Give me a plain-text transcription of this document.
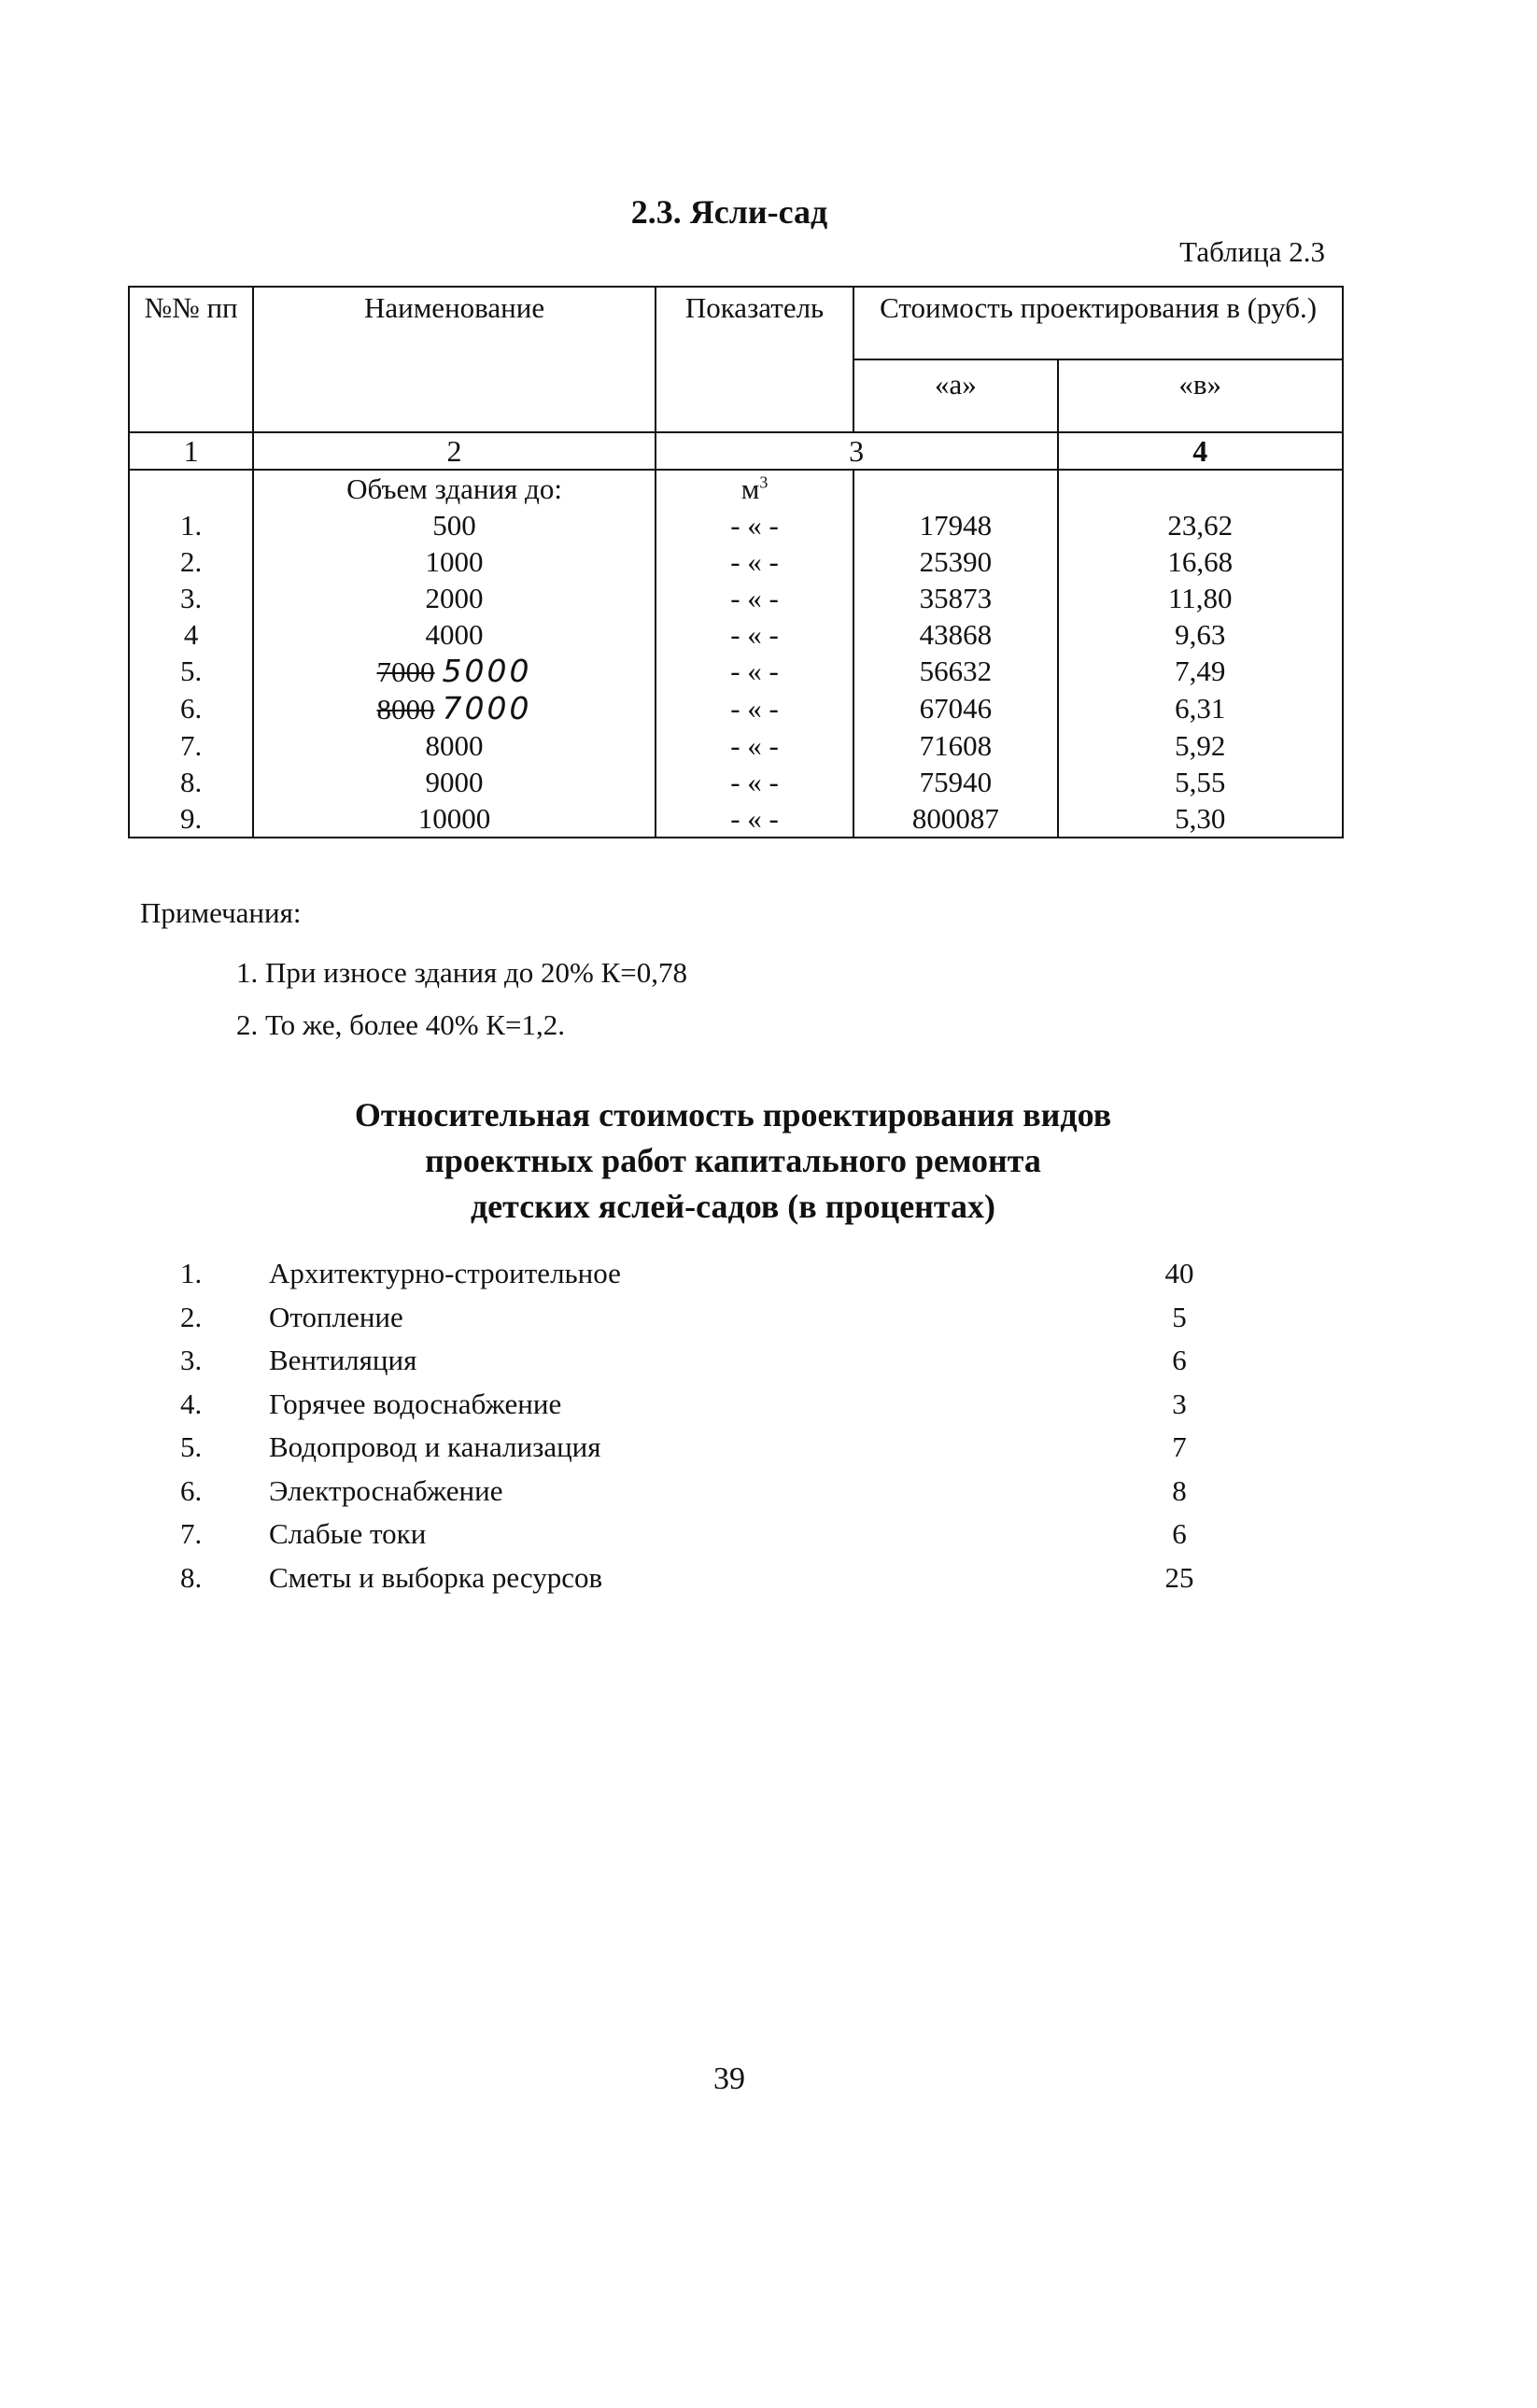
2.3. Ясли-сад
Таблица 2.3
№№ пп	Наименование	Показатель	Стоимость проектирования в (руб.)	
			«а»	«в»
1	2	3		4
	Объем здания до:	$м^3$		
1.	500	- « -	17948	23,62
2.	1000	- « -	25390	16,68
3.	2000	- « -	35873	11,80
4	4000	- « -	43868	9,63
5.	7000 5000	- « -	56632	7,49
6.	8000 7000	- « -	67046	6,31
7.	8000	- « -	71608	5,92
8.	9000	- « -	75940	5,55
9.	10000	- « -	800087	5,30
Примечания:
1. При износе здания до 20% К=0,78
2. То же, более 40% К=1,2.
Относительная стоимость проектирования видов
проектных работ капитального ремонта
детских яслей-садов (в процентах)
1. Архитектурно-строительное	40
2. Отопление	5
3. Вентиляция	6
4. Горячее водоснабжение	3
5. Водопровод и канализация	7
6. Электроснабжение	8
7. Слабые токи	6
8. Сметы и выборка ресурсов	25
39
